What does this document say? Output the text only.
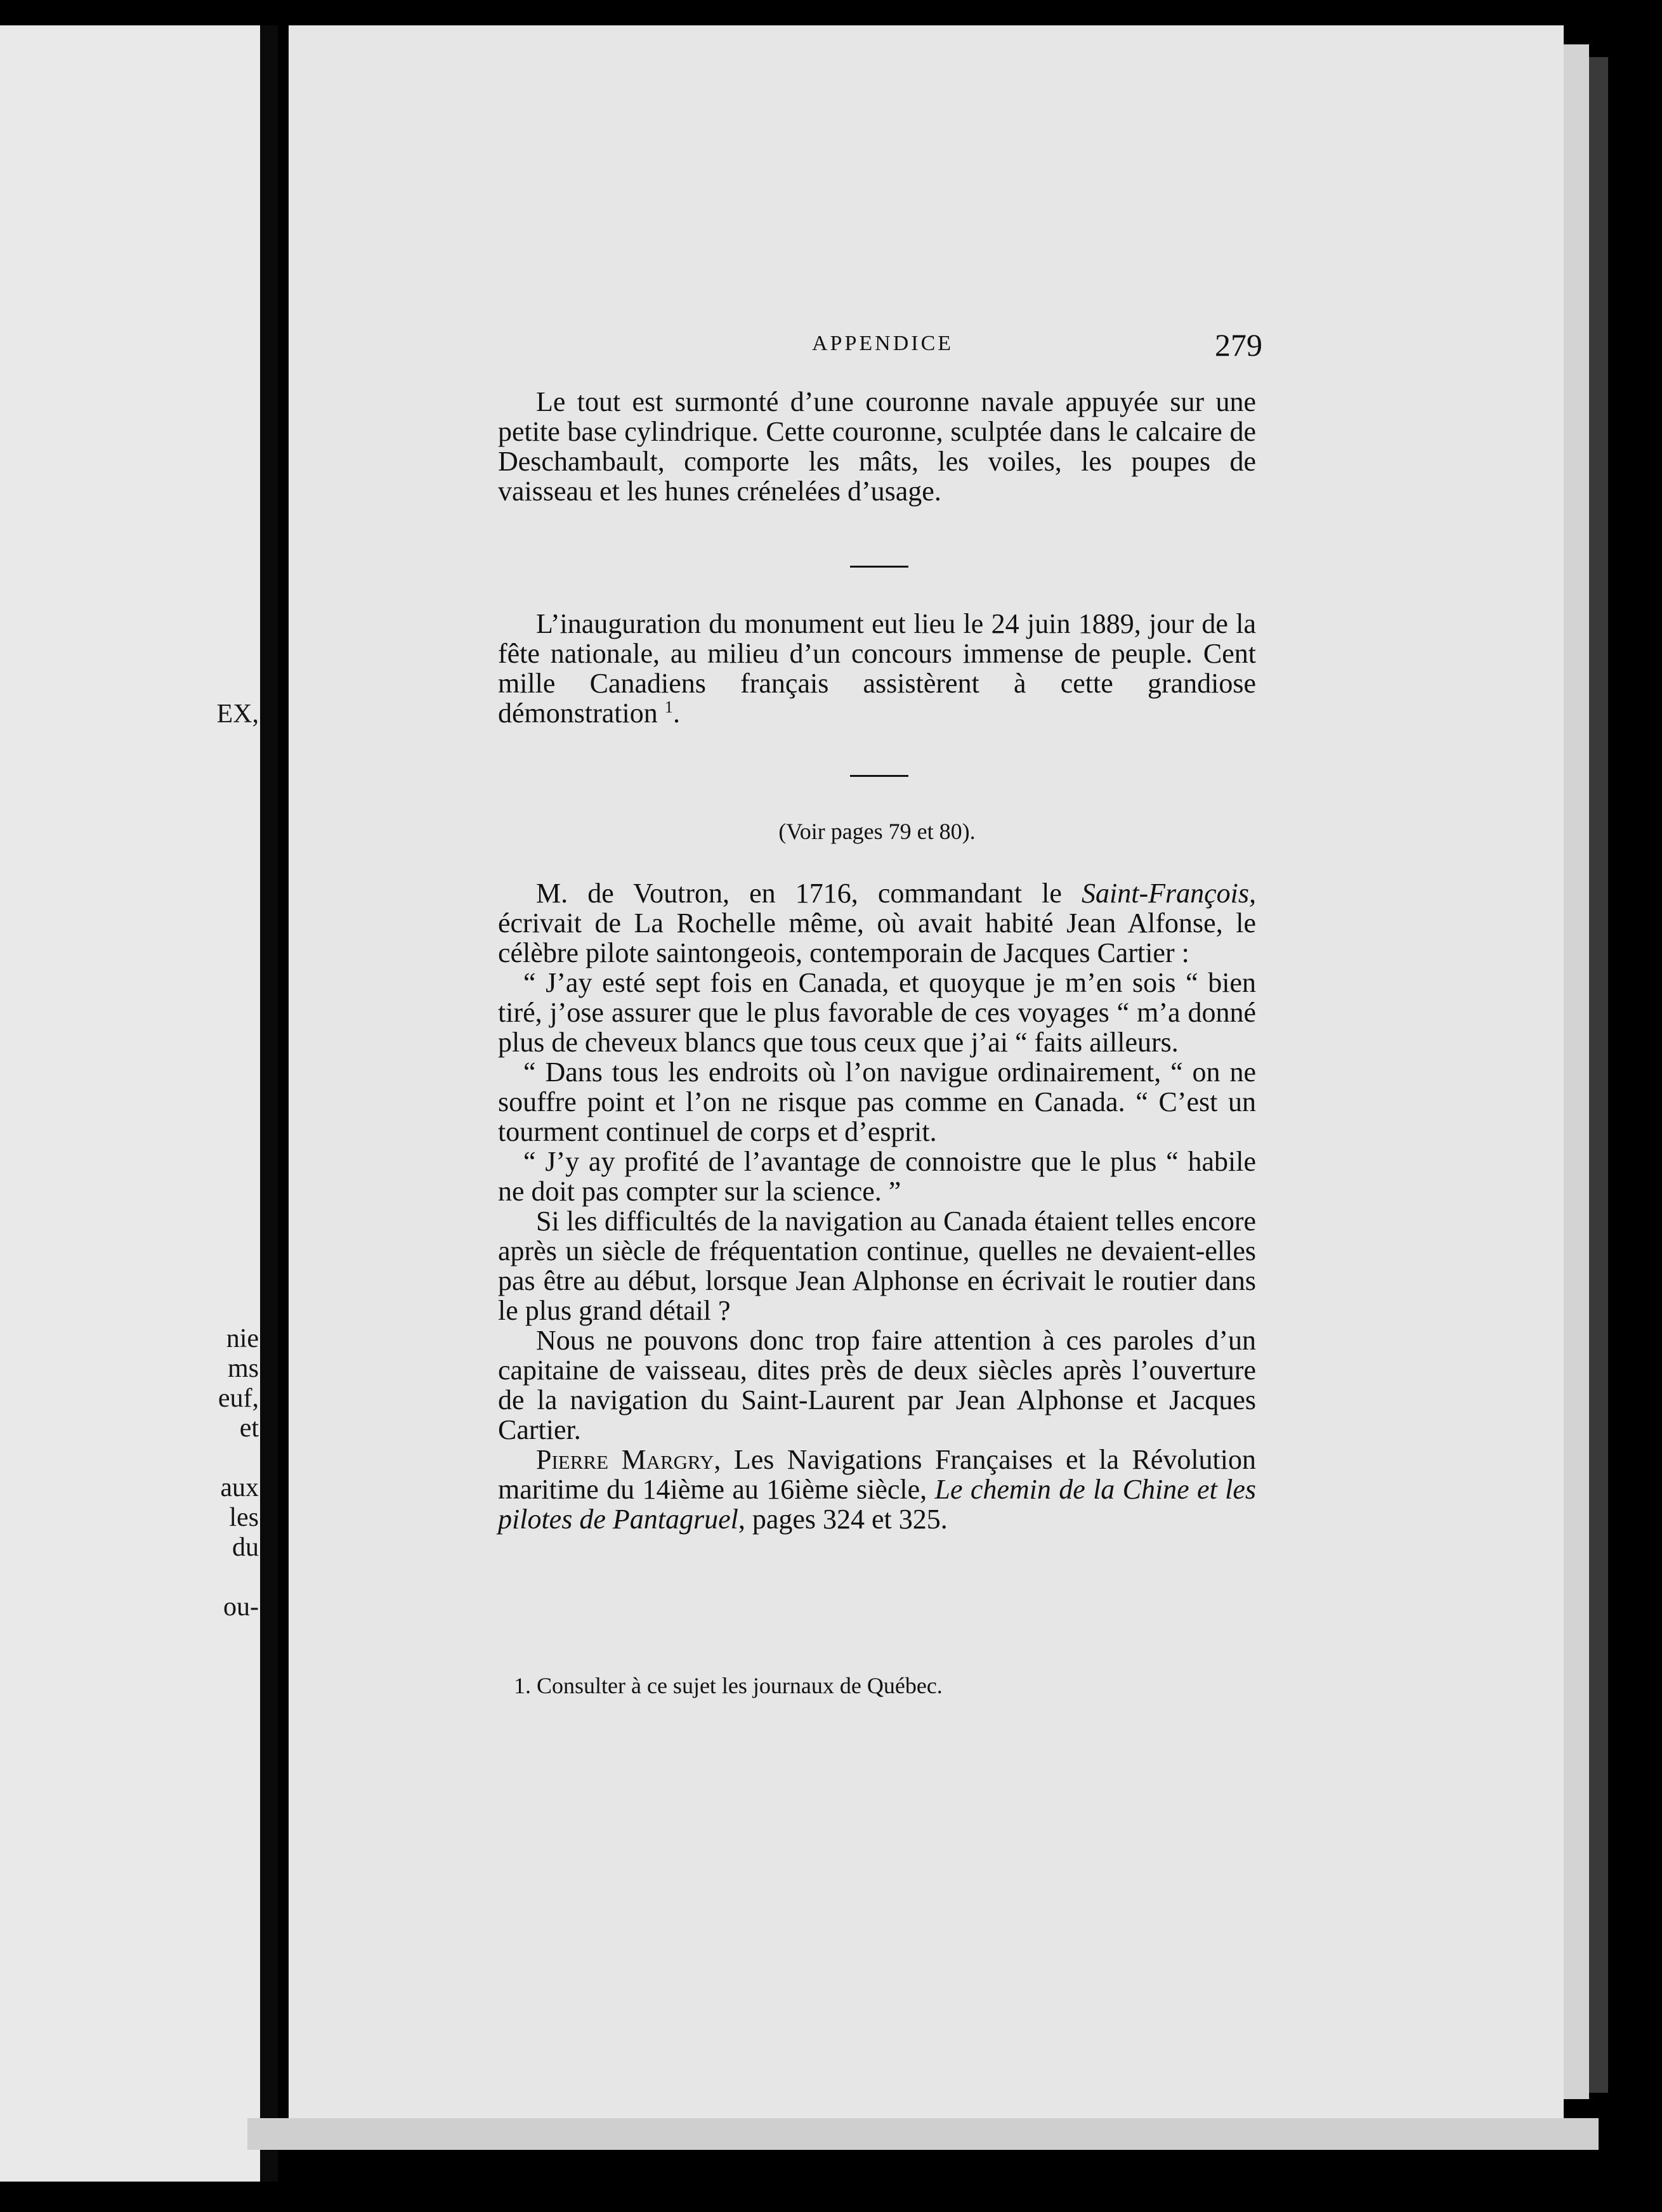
EX,
nie
ms
euf,
et
aux
les
du
ou-
APPENDICE	279

Le tout est surmonté d’une couronne navale appuyée sur une petite base cylindrique. Cette couronne, sculptée dans le calcaire de Deschambault, comporte les mâts, les voiles, les poupes de vaisseau et les hunes crénelées d’usage.

L’inauguration du monument eut lieu le 24 juin 1889, jour de la fête nationale, au milieu d’un concours immense de peuple. Cent mille Canadiens français assistèrent à cette grandiose démonstration $^1$.

(Voir pages 79 et 80).

M. de Voutron, en 1716, commandant le Saint-François, écrivait de La Rochelle même, où avait habité Jean Alfonse, le célèbre pilote saintongeois, contemporain de Jacques Cartier :

“ J’ay esté sept fois en Canada, et quoyque je m’en sois “ bien tiré, j’ose assurer que le plus favorable de ces voyages “ m’a donné plus de cheveux blancs que tous ceux que j’ai “ faits ailleurs.

“ Dans tous les endroits où l’on navigue ordinairement, “ on ne souffre point et l’on ne risque pas comme en Canada. “ C’est un tourment continuel de corps et d’esprit.

“ J’y ay profité de l’avantage de connoistre que le plus “ habile ne doit pas compter sur la science. ”

Si les difficultés de la navigation au Canada étaient telles encore après un siècle de fréquentation continue, quelles ne devaient-elles pas être au début, lorsque Jean Alphonse en écrivait le routier dans le plus grand détail ?

Nous ne pouvons donc trop faire attention à ces paroles d’un capitaine de vaisseau, dites près de deux siècles après l’ouverture de la navigation du Saint-Laurent par Jean Alphonse et Jacques Cartier.

Pierre Margry, Les Navigations Françaises et la Révolution maritime du 14ième au 16ième siècle, Le chemin de la Chine et les pilotes de Pantagruel, pages 324 et 325.

1. Consulter à ce sujet les journaux de Québec.
